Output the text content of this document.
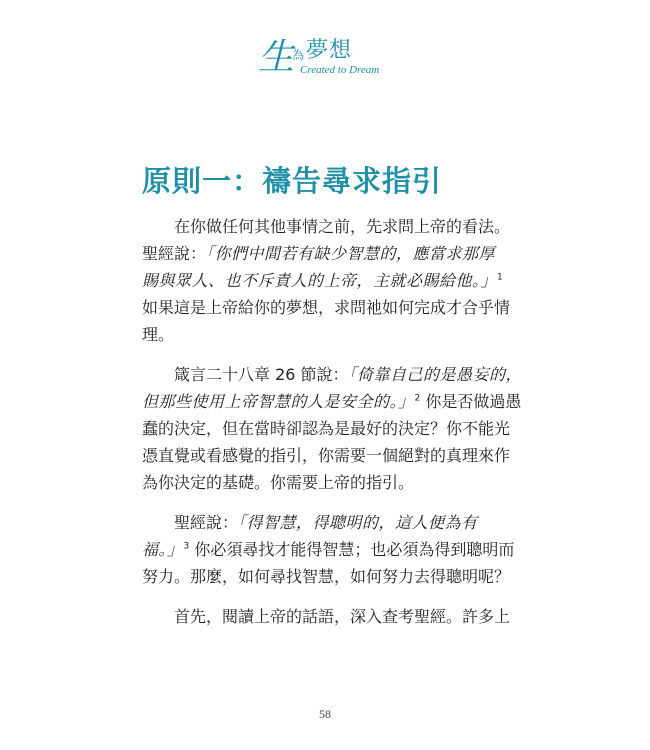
生
為 夢想
Created to Dream
原則一：禱告尋求指引
在你做任何其他事情之前，先求問上帝的看法。
聖經說：「你們中間若有缺少智慧的，應當求那厚
賜與眾人、也不斥責人的上帝，主就必賜給他。」$^1$
如果這是上帝給你的夢想，求問祂如何完成才合乎情
理。
箴言二十八章 26 節說：「倚靠自己的是愚妄的，
但那些使用上帝智慧的人是安全的。」$^2$ 你是否做過愚
蠢的決定，但在當時卻認為是最好的決定？你不能光
憑直覺或看感覺的指引，你需要一個絕對的真理來作
為你決定的基礎。你需要上帝的指引。
聖經說：「得智慧，得聰明的，這人便為有
福。」$^3$ 你必須尋找才能得智慧；也必須為得到聰明而
努力。那麼，如何尋找智慧，如何努力去得聰明呢？
首先，閱讀上帝的話語，深入查考聖經。許多上
58
